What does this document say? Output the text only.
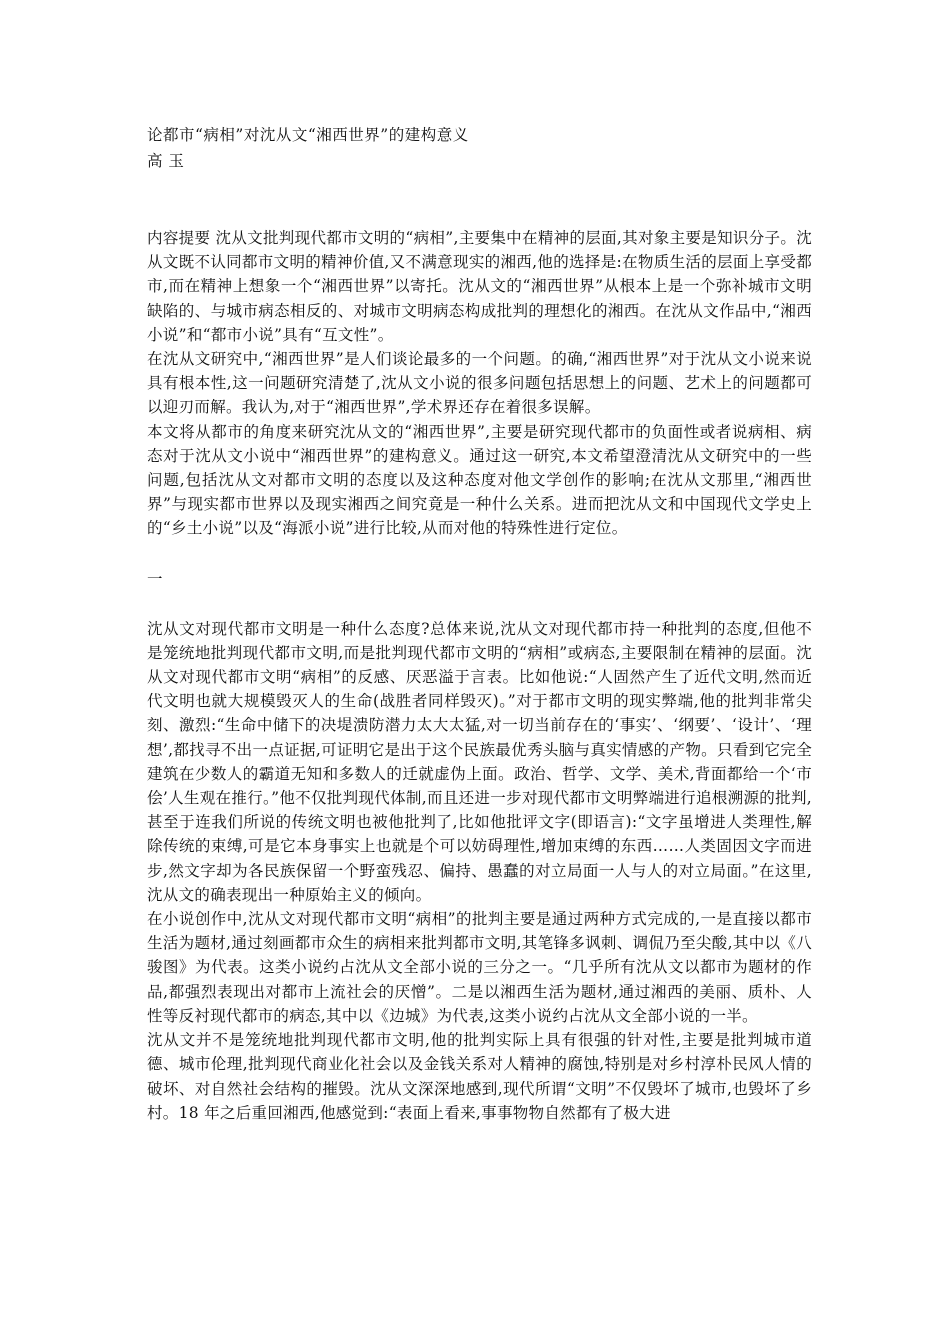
论都市“病相”对沈从文“湘西世界”的建构意义
高 玉

内容提要 沈从文批判现代都市文明的“病相”,主要集中在精神的层面,其对象主要是知识分子。沈从文既不认同都市文明的精神价值,又不满意现实的湘西,他的选择是:在物质生活的层面上享受都市,而在精神上想象一个“湘西世界”以寄托。沈从文的“湘西世界”从根本上是一个弥补城市文明缺陷的、与城市病态相反的、对城市文明病态构成批判的理想化的湘西。在沈从文作品中,“湘西小说”和“都市小说”具有“互文性”。

在沈从文研究中,“湘西世界”是人们谈论最多的一个问题。的确,“湘西世界”对于沈从文小说来说具有根本性,这一问题研究清楚了,沈从文小说的很多问题包括思想上的问题、艺术上的问题都可以迎刃而解。我认为,对于“湘西世界”,学术界还存在着很多误解。

本文将从都市的角度来研究沈从文的“湘西世界”,主要是研究现代都市的负面性或者说病相、病态对于沈从文小说中“湘西世界”的建构意义。通过这一研究,本文希望澄清沈从文研究中的一些问题,包括沈从文对都市文明的态度以及这种态度对他文学创作的影响;在沈从文那里,“湘西世界”与现实都市世界以及现实湘西之间究竟是一种什么关系。进而把沈从文和中国现代文学史上的“乡土小说”以及“海派小说”进行比较,从而对他的特殊性进行定位。

一

沈从文对现代都市文明是一种什么态度?总体来说,沈从文对现代都市持一种批判的态度,但他不是笼统地批判现代都市文明,而是批判现代都市文明的“病相”或病态,主要限制在精神的层面。沈从文对现代都市文明“病相”的反感、厌恶溢于言表。比如他说:“人固然产生了近代文明,然而近代文明也就大规模毁灭人的生命(战胜者同样毁灭)。”对于都市文明的现实弊端,他的批判非常尖刻、激烈:“生命中储下的决堤溃防潜力太大太猛,对一切当前存在的‘事实’、‘纲要’、‘设计’、‘理想’,都找寻不出一点证据,可证明它是出于这个民族最优秀头脑与真实情感的产物。只看到它完全建筑在少数人的霸道无知和多数人的迁就虚伪上面。政治、哲学、文学、美术,背面都给一个‘市侩’人生观在推行。”他不仅批判现代体制,而且还进一步对现代都市文明弊端进行追根溯源的批判,甚至于连我们所说的传统文明也被他批判了,比如他批评文字(即语言):“文字虽增进人类理性,解除传统的束缚,可是它本身事实上也就是个可以妨碍理性,增加束缚的东西……人类固因文字而进步,然文字却为各民族保留一个野蛮残忍、偏持、愚蠢的对立局面一人与人的对立局面。”在这里,沈从文的确表现出一种原始主义的倾向。

在小说创作中,沈从文对现代都市文明“病相”的批判主要是通过两种方式完成的,一是直接以都市生活为题材,通过刻画都市众生的病相来批判都市文明,其笔锋多讽刺、调侃乃至尖酸,其中以《八骏图》为代表。这类小说约占沈从文全部小说的三分之一。“几乎所有沈从文以都市为题材的作品,都强烈表现出对都市上流社会的厌憎”。二是以湘西生活为题材,通过湘西的美丽、质朴、人性等反衬现代都市的病态,其中以《边城》为代表,这类小说约占沈从文全部小说的一半。

沈从文并不是笼统地批判现代都市文明,他的批判实际上具有很强的针对性,主要是批判城市道德、城市伦理,批判现代商业化社会以及金钱关系对人精神的腐蚀,特别是对乡村淳朴民风人情的破坏、对自然社会结构的摧毁。沈从文深深地感到,现代所谓“文明”不仅毁坏了城市,也毁坏了乡村。18 年之后重回湘西,他感觉到:“表面上看来,事事物物自然都有了极大进
